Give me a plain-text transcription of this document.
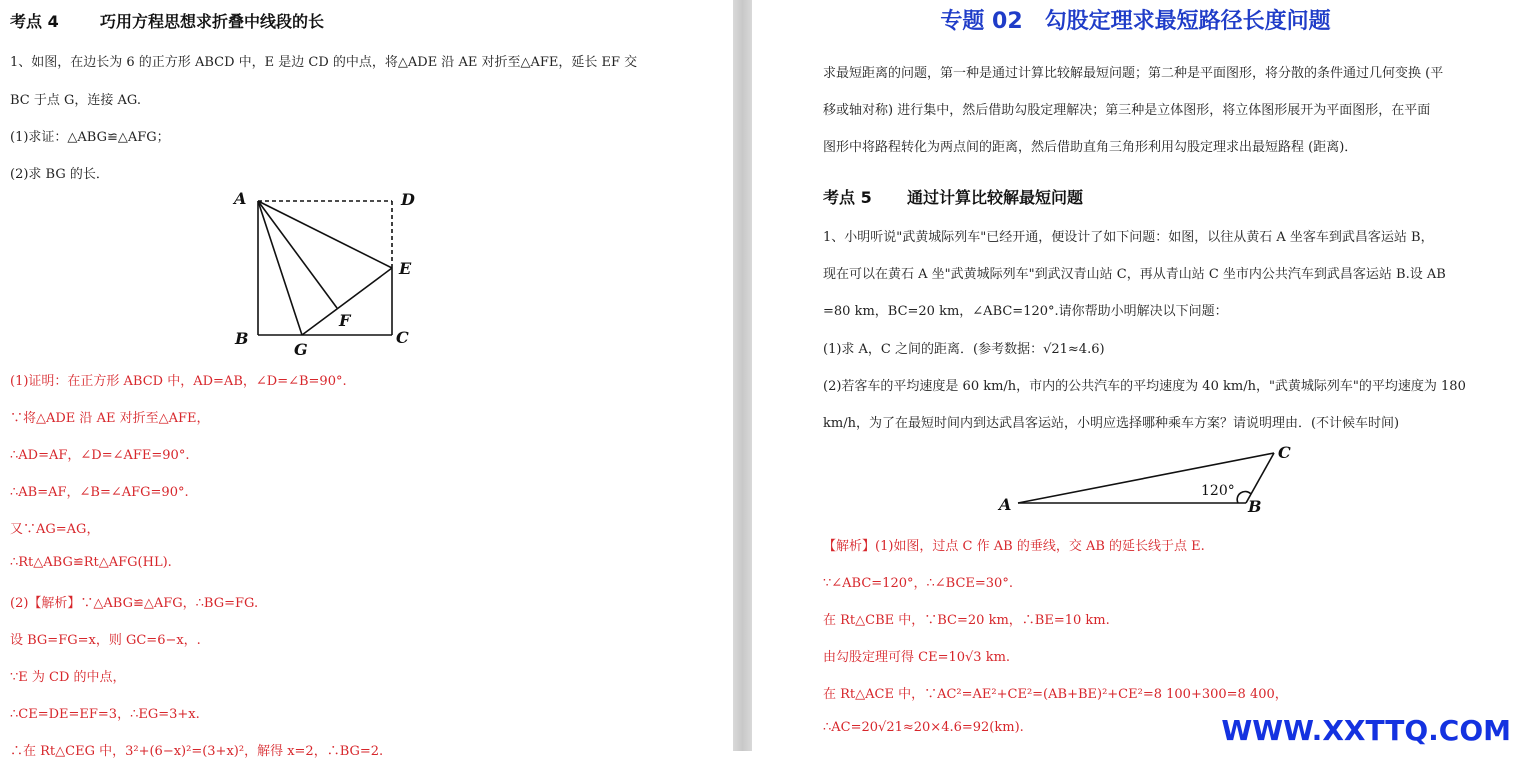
考点 4	巧用方程思想求折叠中线段的长
1、如图，在边长为 6 的正方形 ABCD 中，E 是边 CD 的中点，将△ADE 沿 AE 对折至△AFE，延长 EF 交
BC 于点 G，连接 AG.
(1)求证：△ABG≌△AFG；
(2)求 BG 的长．
A	D
E
F
B	C
G
(1)证明：在正方形 ABCD 中，AD=AB，∠D=∠B=90°.
∵将△ADE 沿 AE 对折至△AFE，
∴AD=AF，∠D=∠AFE=90°.
∴AB=AF，∠B=∠AFG=90°.
又∵AG=AG，
∴Rt△ABG≌Rt△AFG(HL).
(2)【解析】∵△ABG≌△AFG，∴BG=FG.
设 BG=FG=x，则 GC=6−x，.
∵E 为 CD 的中点，
∴CE=DE=EF=3，∴EG=3+x.
∴在 Rt△CEG 中，3²+(6−x)²=(3+x)²，解得 x=2，∴BG=2.
专题 02　勾股定理求最短路径长度问题
求最短距离的问题，第一种是通过计算比较解最短问题；第二种是平面图形，将分散的条件通过几何变换 (平
移或轴对称) 进行集中，然后借助勾股定理解决；第三种是立体图形，将立体图形展开为平面图形，在平面
图形中将路程转化为两点间的距离，然后借助直角三角形利用勾股定理求出最短路程 (距离)．
考点 5 通过计算比较解最短问题
1、小明听说"武黄城际列车"已经开通，便设计了如下问题：如图，以往从黄石 A 坐客车到武昌客运站 B，
现在可以在黄石 A 坐"武黄城际列车"到武汉青山站 C，再从青山站 C 坐市内公共汽车到武昌客运站 B.设 AB
=80 km，BC=20 km，∠ABC=120°.请你帮助小明解决以下问题：
(1)求 A，C 之间的距离．(参考数据：√21≈4.6)
(2)若客车的平均速度是 60 km/h，市内的公共汽车的平均速度为 40 km/h，"武黄城际列车"的平均速度为 180
km/h，为了在最短时间内到达武昌客运站，小明应选择哪种乘车方案？请说明理由．(不计候车时间)
A	B
C
120°
【解析】(1)如图，过点 C 作 AB 的垂线，交 AB 的延长线于点 E.
∵∠ABC=120°，∴∠BCE=30°.
在 Rt△CBE 中，∵BC=20 km，∴BE=10 km.
由勾股定理可得 CE=10√3 km.
在 Rt△ACE 中，∵AC²=AE²+CE²=(AB+BE)²+CE²=8 100+300=8 400，
∴AC=20√21≈20×4.6=92(km).	WWW.XXTTQ.COM
